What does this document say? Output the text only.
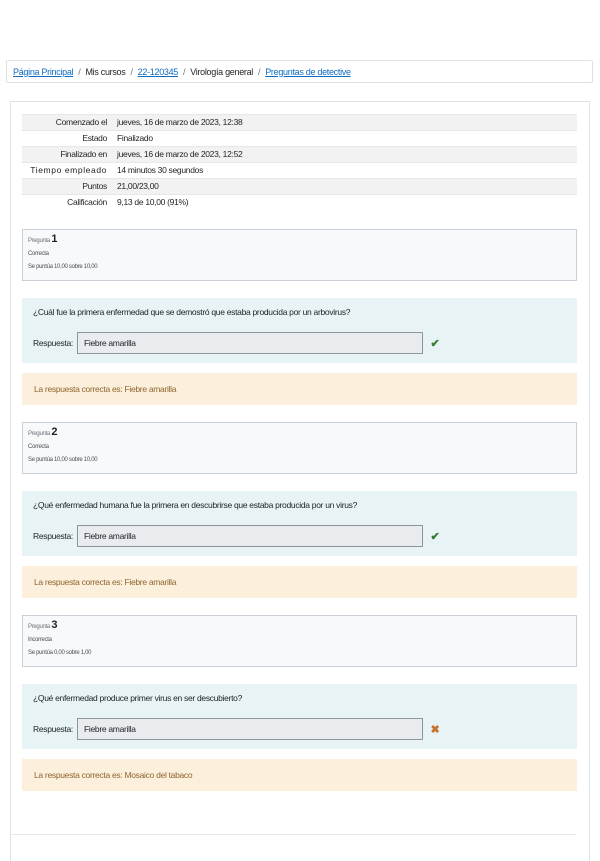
Página Principal / Mis cursos / 22-120345 / Virología general / Preguntas de detective
Comenzado el	jueves, 16 de marzo de 2023, 12:38
Estado	Finalizado
Finalizado en	jueves, 16 de marzo de 2023, 12:52
Tiempo empleado	14 minutos 30 segundos
Puntos	21,00/23,00
Calificación	9,13 de 10,00 (91%)
Pregunta 1
Correcta
Se puntúa 10,00 sobre 10,00
¿Cuál fue la primera enfermedad que se demostró que estaba producida por un arbovirus?
Respuesta:
Fiebre amarilla	✔
La respuesta correcta es: Fiebre amarilla
Pregunta 2
Correcta
Se puntúa 10,00 sobre 10,00
¿Qué enfermedad humana fue la primera en descubrirse que estaba producida por un virus?
Respuesta:
Fiebre amarilla	✔
La respuesta correcta es: Fiebre amarilla
Pregunta 3
Incorrecta
Se puntúa 0,00 sobre 1,00
¿Qué enfermedad produce primer virus en ser descubierto?
Respuesta:
Fiebre amarilla	✖
La respuesta correcta es: Mosaico del tabaco
